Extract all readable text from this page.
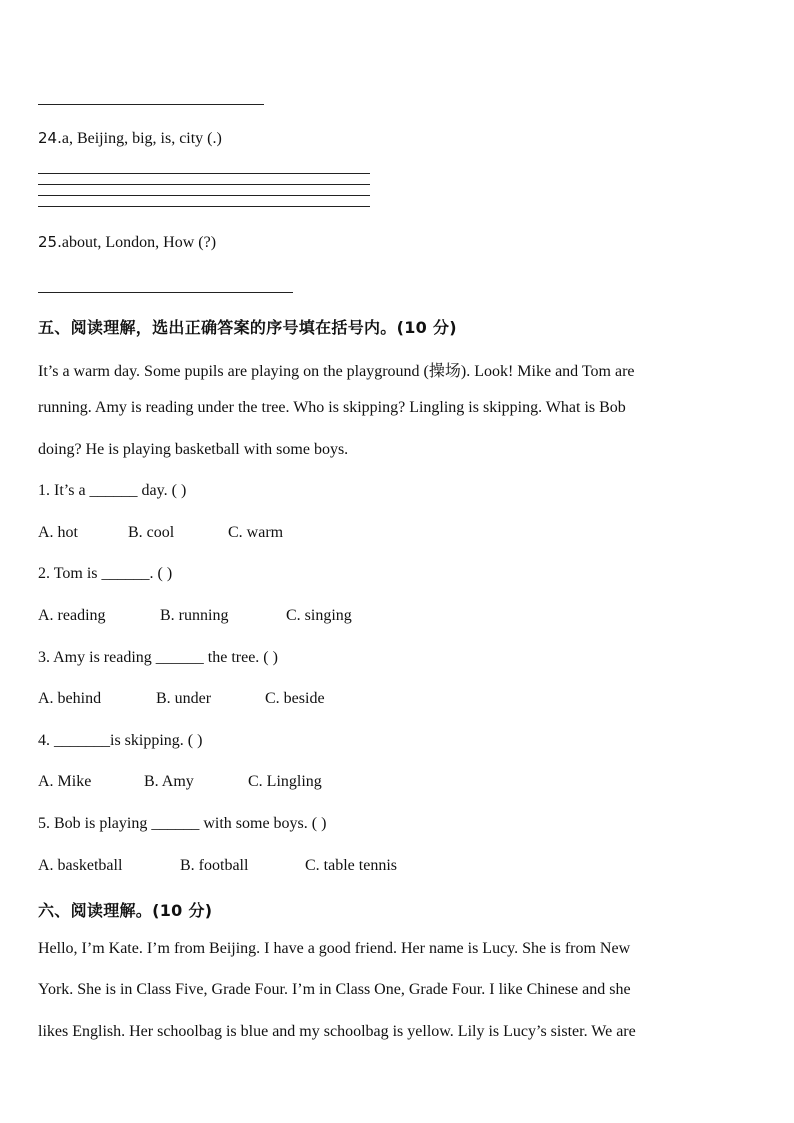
24.a, Beijing, big, is, city (.)
25.about, London, How (?)
五、阅读理解，选出正确答案的序号填在括号内。(10 分)
It’s a warm day. Some pupils are playing on the playground (操场). Look! Mike and Tom are
running. Amy is reading under the tree. Who is skipping? Lingling is skipping. What is Bob
doing? He is playing basketball with some boys.
1. It’s a ______ day. ( )
A. hot	B. cool	C. warm
2. Tom is ______. ( )
A. reading	B. running	C. singing
3. Amy is reading ______ the tree. ( )
A. behind	B. under	C. beside
4. _______is skipping. ( )
A. Mike	B. Amy	C. Lingling
5. Bob is playing ______ with some boys. ( )
A. basketball	B. football	C. table tennis
六、阅读理解。(10 分)
Hello, I’m Kate. I’m from Beijing. I have a good friend. Her name is Lucy. She is from New
York. She is in Class Five, Grade Four. I’m in Class One, Grade Four. I like Chinese and she
likes English. Her schoolbag is blue and my schoolbag is yellow. Lily is Lucy’s sister. We are
